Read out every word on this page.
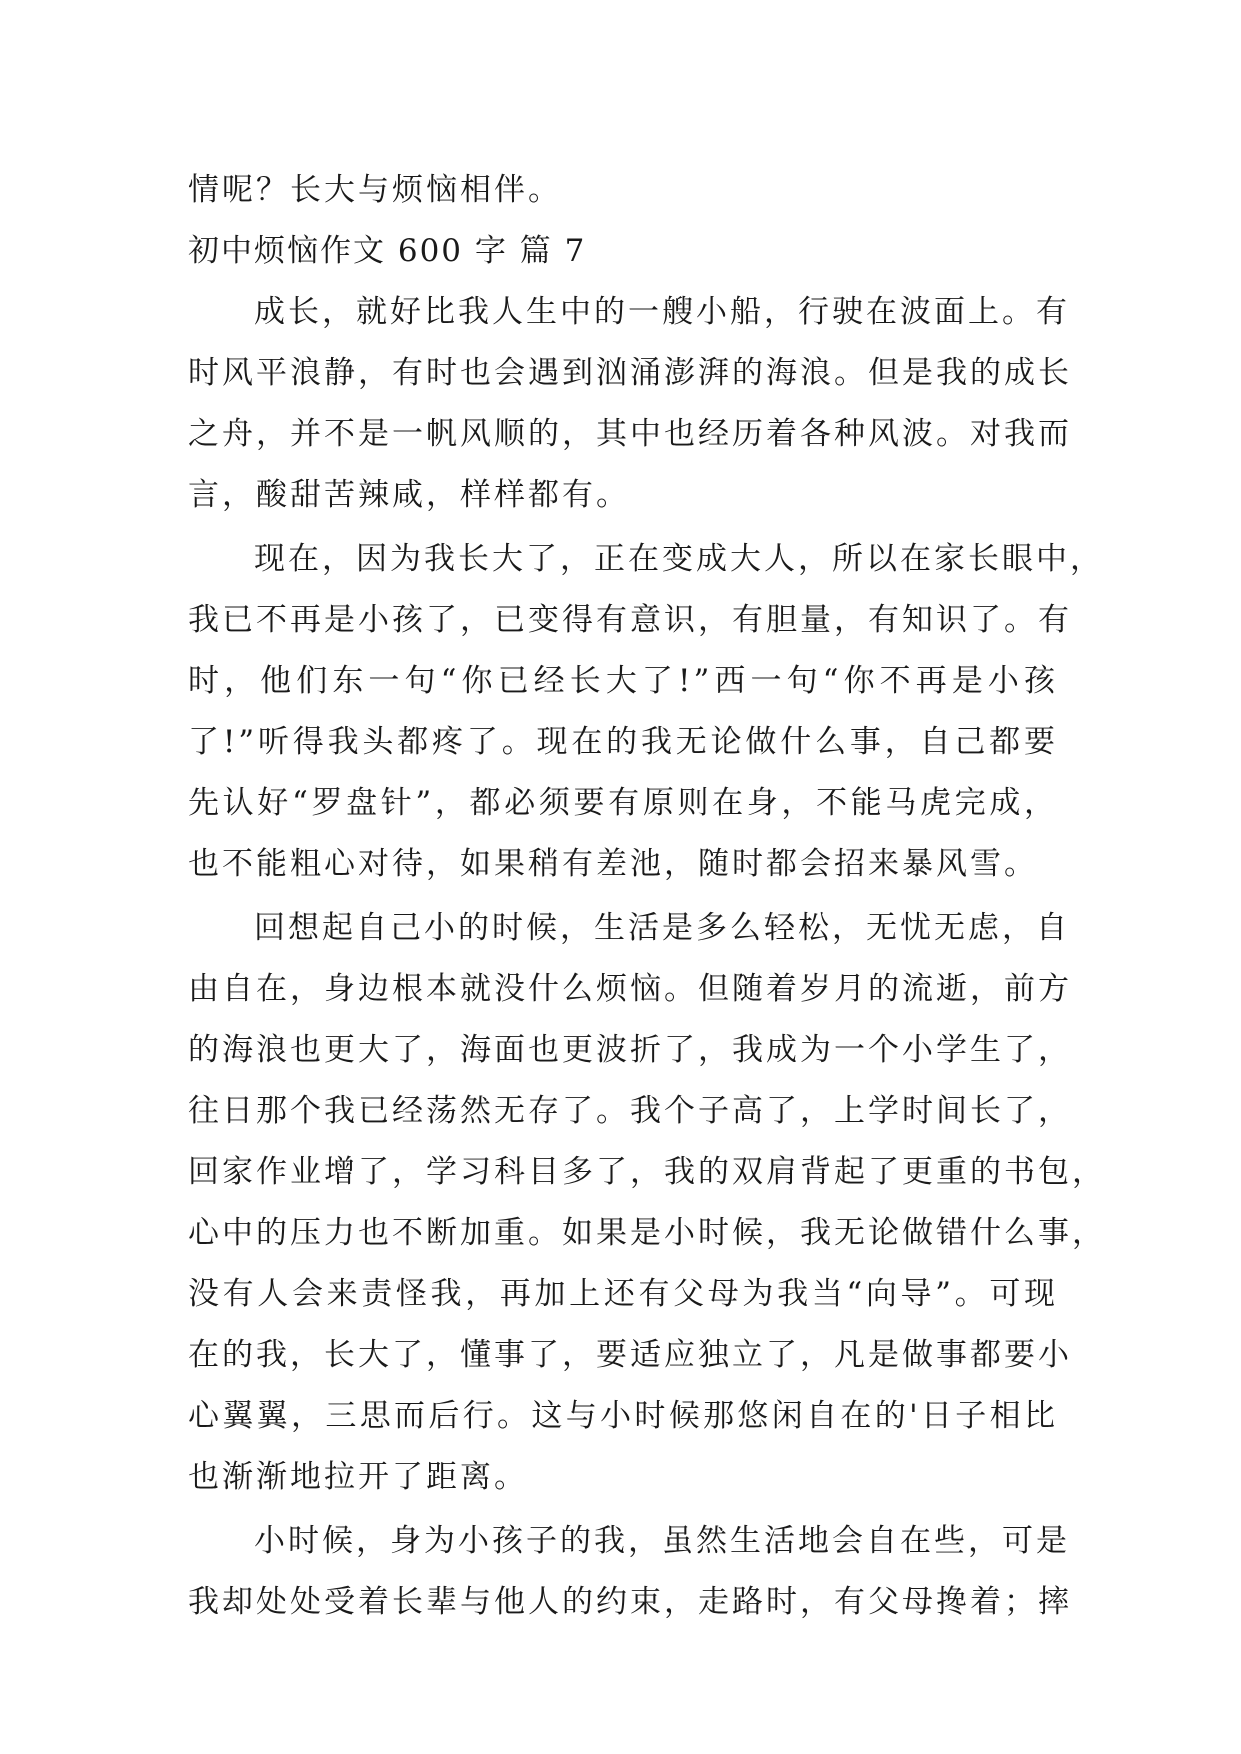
情呢？长大与烦恼相伴。
初中烦恼作文 600 字 篇 7
成长，就好比我人生中的一艘小船，行驶在波面上。有
时风平浪静，有时也会遇到汹涌澎湃的海浪。但是我的成长
之舟，并不是一帆风顺的，其中也经历着各种风波。对我而
言，酸甜苦辣咸，样样都有。
现在，因为我长大了，正在变成大人，所以在家长眼中，
我已不再是小孩了，已变得有意识，有胆量，有知识了。有
时，他们东一句“你已经长大了!”西一句“你不再是小孩
了!”听得我头都疼了。现在的我无论做什么事，自己都要
先认好“罗盘针”，都必须要有原则在身，不能马虎完成，
也不能粗心对待，如果稍有差池，随时都会招来暴风雪。
回想起自己小的时候，生活是多么轻松，无忧无虑，自
由自在，身边根本就没什么烦恼。但随着岁月的流逝，前方
的海浪也更大了，海面也更波折了，我成为一个小学生了，
往日那个我已经荡然无存了。我个子高了，上学时间长了，
回家作业增了，学习科目多了，我的双肩背起了更重的书包，
心中的压力也不断加重。如果是小时候，我无论做错什么事，
没有人会来责怪我，再加上还有父母为我当“向导”。可现
在的我，长大了，懂事了，要适应独立了，凡是做事都要小
心翼翼，三思而后行。这与小时候那悠闲自在的'日子相比
也渐渐地拉开了距离。
小时候，身为小孩子的我，虽然生活地会自在些，可是
我却处处受着长辈与他人的约束，走路时，有父母搀着；摔
